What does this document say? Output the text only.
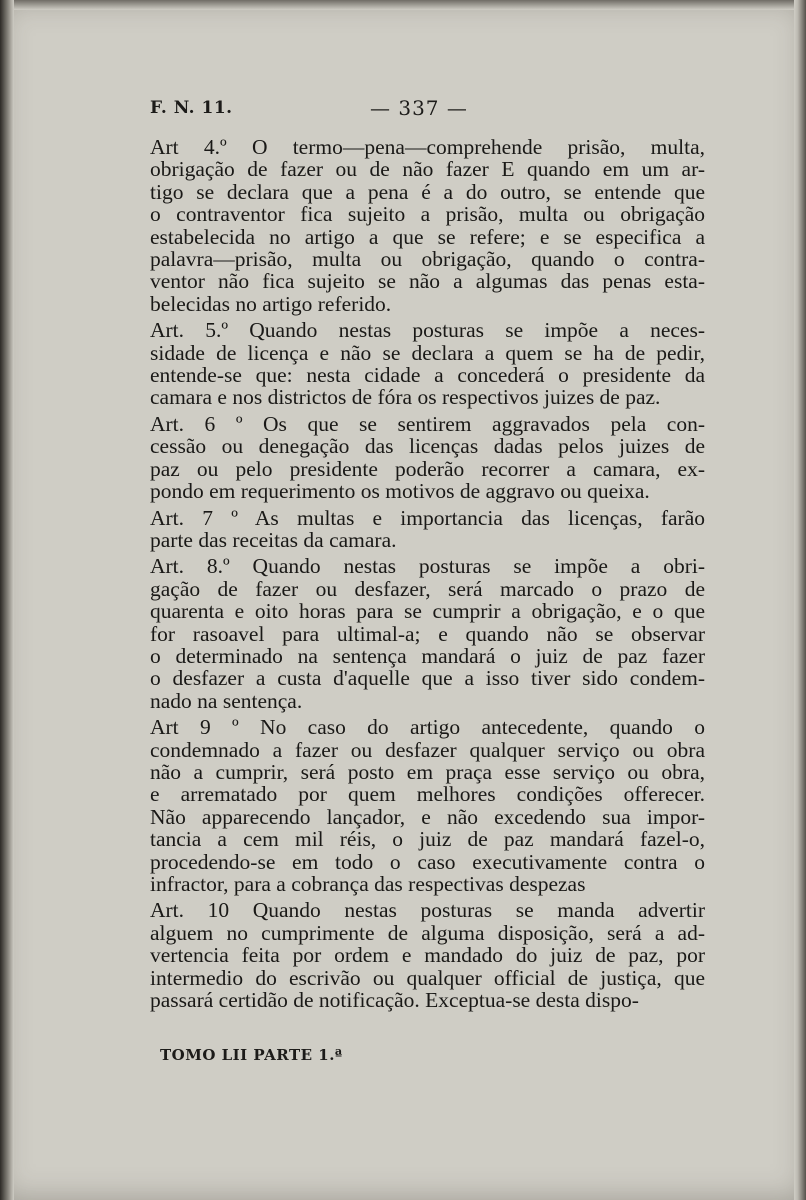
F. N. 11.	— 337 —
Art 4.º O termo—pena—comprehende prisão, multa,
obrigação de fazer ou de não fazer E quando em um ar-
tigo se declara que a pena é a do outro, se entende que
o contraventor fica sujeito a prisão, multa ou obrigação
estabelecida no artigo a que se refere; e se especifica a
palavra—prisão, multa ou obrigação, quando o contra-
ventor não fica sujeito se não a algumas das penas esta-
belecidas no artigo referido.
Art. 5.º Quando nestas posturas se impõe a neces-
sidade de licença e não se declara a quem se ha de pedir,
entende-se que: nesta cidade a concederá o presidente da
camara e nos districtos de fóra os respectivos juizes de paz.
Art. 6 º Os que se sentirem aggravados pela con-
cessão ou denegação das licenças dadas pelos juizes de
paz ou pelo presidente poderão recorrer a camara, ex-
pondo em requerimento os motivos de aggravo ou queixa.
Art. 7 º As multas e importancia das licenças, farão
parte das receitas da camara.
Art. 8.º Quando nestas posturas se impõe a obri-
gação de fazer ou desfazer, será marcado o prazo de
quarenta e oito horas para se cumprir a obrigação, e o que
for rasoavel para ultimal-a; e quando não se observar
o determinado na sentença mandará o juiz de paz fazer
o desfazer a custa d'aquelle que a isso tiver sido condem-
nado na sentença.
Art 9 º No caso do artigo antecedente, quando o
condemnado a fazer ou desfazer qualquer serviço ou obra
não a cumprir, será posto em praça esse serviço ou obra,
e arrematado por quem melhores condições offerecer.
Não apparecendo lançador, e não excedendo sua impor-
tancia a cem mil réis, o juiz de paz mandará fazel-o,
procedendo-se em todo o caso executivamente contra o
infractor, para a cobrança das respectivas despezas
Art. 10 Quando nestas posturas se manda advertir
alguem no cumprimente de alguma disposição, será a ad-
vertencia feita por ordem e mandado do juiz de paz, por
intermedio do escrivão ou qualquer official de justiça, que
passará certidão de notificação. Exceptua-se desta dispo-
TOMO LII PARTE 1.ª
